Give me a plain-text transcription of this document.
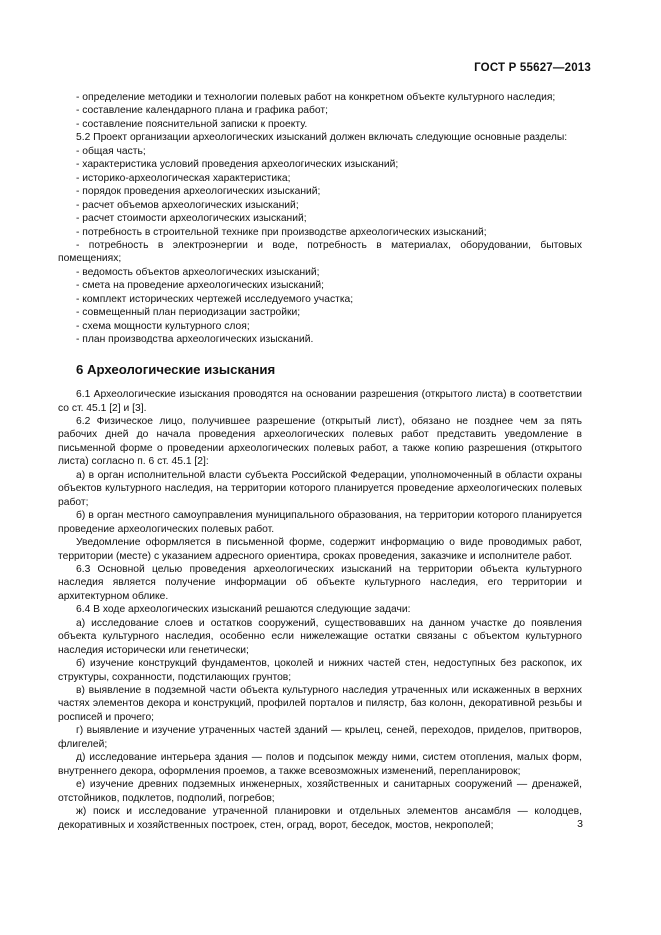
ГОСТ Р 55627—2013
- определение методики и технологии полевых работ на конкретном объекте культурного наследия;
- составление календарного плана и графика работ;
- составление пояснительной записки к проекту.

5.2 Проект организации археологических изысканий должен включать следующие основные разделы:

- общая часть;
- характеристика условий проведения археологических изысканий;
- историко-археологическая характеристика;
- порядок проведения археологических изысканий;
- расчет объемов археологических изысканий;
- расчет стоимости археологических изысканий;
- потребность в строительной технике при производстве археологических изысканий;
- потребность в электроэнергии и воде, потребность в материалах, оборудовании, бытовых помещениях;
- ведомость объектов археологических изысканий;
- смета на проведение археологических изысканий;
- комплект исторических чертежей исследуемого участка;
- совмещенный план периодизации застройки;
- схема мощности культурного слоя;
- план производства археологических изысканий.
6 Археологические изыскания

6.1 Археологические изыскания проводятся на основании разрешения (открытого листа) в соответствии со ст. 45.1 [2] и [3].

6.2 Физическое лицо, получившее разрешение (открытый лист), обязано не позднее чем за пять рабочих дней до начала проведения археологических полевых работ представить уведомление в письменной форме о проведении археологических полевых работ, а также копию разрешения (открытого листа) согласно п. 6 ст. 45.1 [2]:

а) в орган исполнительной власти субъекта Российской Федерации, уполномоченный в области охраны объектов культурного наследия, на территории которого планируется проведение археологических полевых работ;

б) в орган местного самоуправления муниципального образования, на территории которого планируется проведение археологических полевых работ.

Уведомление оформляется в письменной форме, содержит информацию о виде проводимых работ, территории (месте) с указанием адресного ориентира, сроках проведения, заказчике и исполнителе работ.

6.3 Основной целью проведения археологических изысканий на территории объекта культурного наследия является получение информации об объекте культурного наследия, его территории и архитектурном облике.

6.4 В ходе археологических изысканий решаются следующие задачи:

а) исследование слоев и остатков сооружений, существовавших на данном участке до появления объекта культурного наследия, особенно если нижележащие остатки связаны с объектом культурного наследия исторически или генетически;

б) изучение конструкций фундаментов, цоколей и нижних частей стен, недоступных без раскопок, их структуры, сохранности, подстилающих грунтов;

в) выявление в подземной части объекта культурного наследия утраченных или искаженных в верхних частях элементов декора и конструкций, профилей порталов и пилястр, баз колонн, декоративной резьбы и росписей и прочего;

г) выявление и изучение утраченных частей зданий — крылец, сеней, переходов, приделов, притворов, флигелей;

д) исследование интерьера здания — полов и подсыпок между ними, систем отопления, малых форм, внутреннего декора, оформления проемов, а также всевозможных изменений, перепланировок;

е) изучение древних подземных инженерных, хозяйственных и санитарных сооружений — дренажей, отстойников, подклетов, подполий, погребов;

ж) поиск и исследование утраченной планировки и отдельных элементов ансамбля — колодцев, декоративных и хозяйственных построек, стен, оград, ворот, беседок, мостов, некрополей;	3
